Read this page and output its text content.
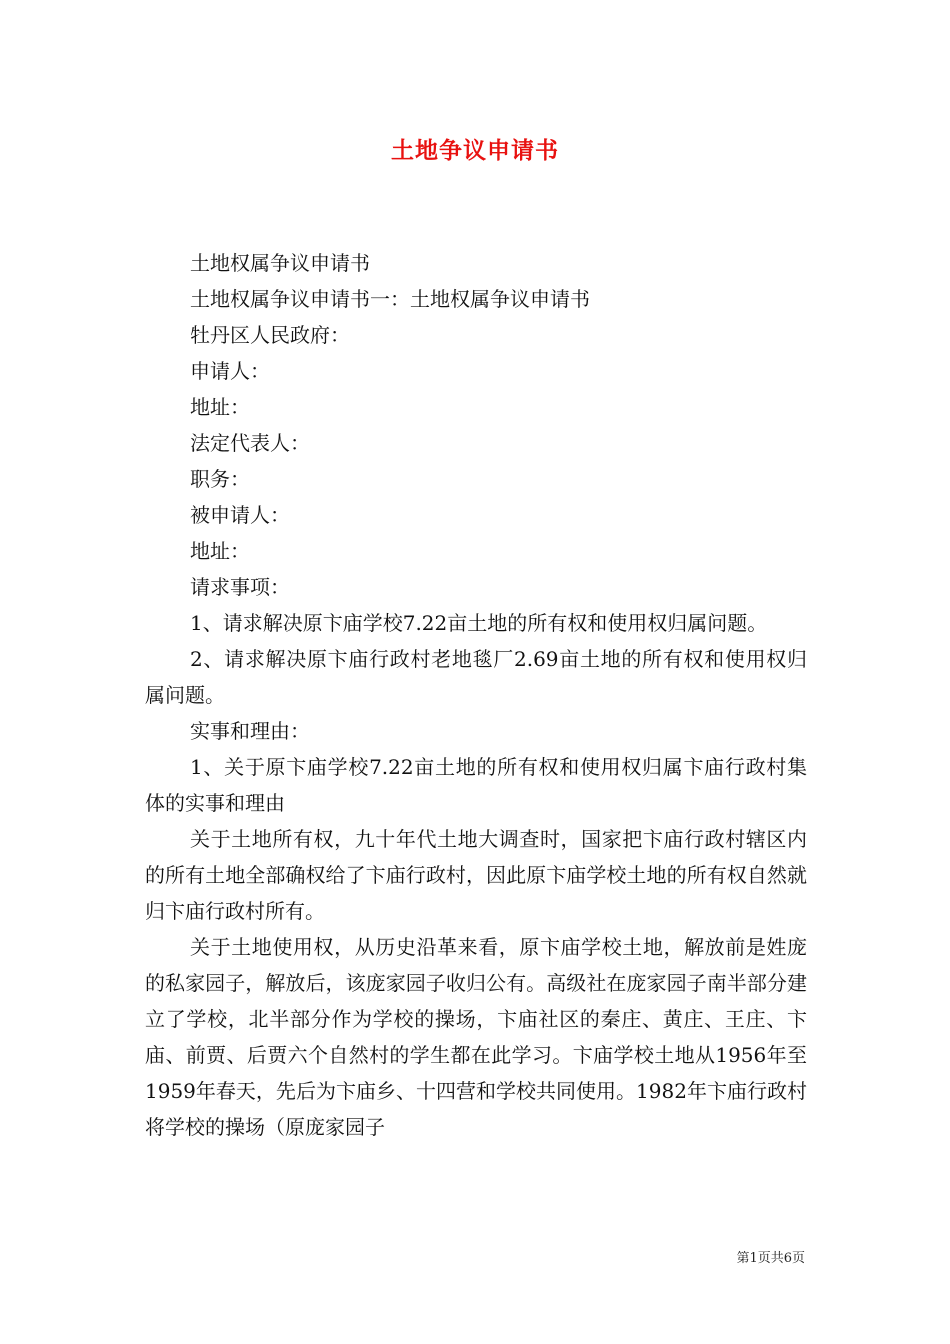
土地争议申请书

土地权属争议申请书

土地权属争议申请书一：土地权属争议申请书

牡丹区人民政府：

申请人：

地址：

法定代表人：

职务：

被申请人：

地址：

请求事项：

1、请求解决原卞庙学校7.22亩土地的所有权和使用权归属问题。

2、请求解决原卞庙行政村老地毯厂2.69亩土地的所有权和使用权归属问题。

实事和理由：

1、关于原卞庙学校7.22亩土地的所有权和使用权归属卞庙行政村集体的实事和理由

关于土地所有权，九十年代土地大调查时，国家把卞庙行政村辖区内的所有土地全部确权给了卞庙行政村，因此原卞庙学校土地的所有权自然就归卞庙行政村所有。

关于土地使用权，从历史沿革来看，原卞庙学校土地，解放前是姓庞的私家园子，解放后，该庞家园子收归公有。高级社在庞家园子南半部分建立了学校，北半部分作为学校的操场，卞庙社区的秦庄、黄庄、王庄、卞庙、前贾、后贾六个自然村的学生都在此学习。卞庙学校土地从1956年至1959年春天，先后为卞庙乡、十四营和学校共同使用。1982年卞庙行政村将学校的操场（原庞家园子

第1页共6页
